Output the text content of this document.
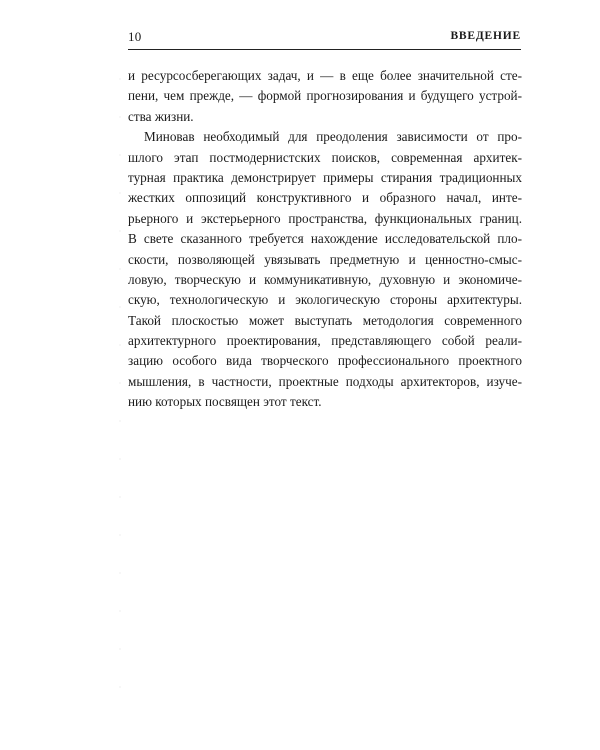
10	ВВЕДЕНИЕ
и ресурсосберегающих задач, и — в еще более значительной сте-
пени, чем прежде, — формой прогнозирования и будущего устрой-
ства жизни.
Миновав необходимый для преодоления зависимости от про-
шлого этап постмодернистских поисков, современная архитек-
турная практика демонстрирует примеры стирания традиционных
жестких оппозиций конструктивного и образного начал, инте-
рьерного и экстерьерного пространства, функциональных границ.
В свете сказанного требуется нахождение исследовательской пло-
скости, позволяющей увязывать предметную и ценностно-смыс-
ловую, творческую и коммуникативную, духовную и экономиче-
скую, технологическую и экологическую стороны архитектуры.
Такой плоскостью может выступать методология современного
архитектурного проектирования, представляющего собой реали-
зацию особого вида творческого профессионального проектного
мышления, в частности, проектные подходы архитекторов, изуче-
нию которых посвящен этот текст.
